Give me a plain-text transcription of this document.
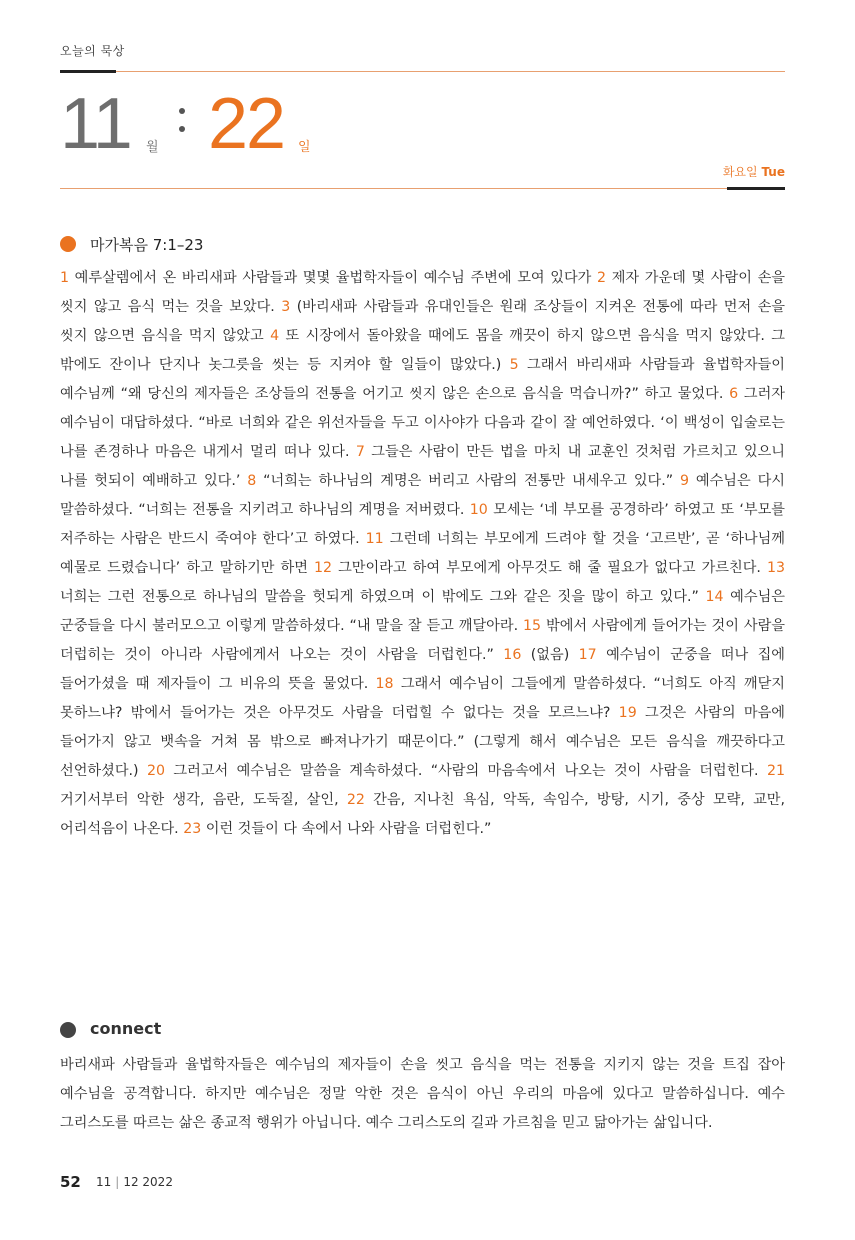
오늘의 묵상
11 월 22 일
화요일 Tue
마가복음 7:1–23

1 예루살렘에서 온 바리새파 사람들과 몇몇 율법학자들이 예수님 주변에 모여 있다가 2 제자 가운데 몇 사람이 손을 씻지 않고 음식 먹는 것을 보았다. 3 (바리새파 사람들과 유대인들은 원래 조상들이 지켜온 전통에 따라 먼저 손을 씻지 않으면 음식을 먹지 않았고 4 또 시장에서 돌아왔을 때에도 몸을 깨끗이 하지 않으면 음식을 먹지 않았다. 그 밖에도 잔이나 단지나 놋그릇을 씻는 등 지켜야 할 일들이 많았다.) 5 그래서 바리새파 사람들과 율법학자들이 예수님께 “왜 당신의 제자들은 조상들의 전통을 어기고 씻지 않은 손으로 음식을 먹습니까?” 하고 물었다. 6 그러자 예수님이 대답하셨다. “바로 너희와 같은 위선자들을 두고 이사야가 다음과 같이 잘 예언하였다. ‘이 백성이 입술로는 나를 존경하나 마음은 내게서 멀리 떠나 있다. 7 그들은 사람이 만든 법을 마치 내 교훈인 것처럼 가르치고 있으니 나를 헛되이 예배하고 있다.’ 8 “너희는 하나님의 계명은 버리고 사람의 전통만 내세우고 있다.” 9 예수님은 다시 말씀하셨다. “너희는 전통을 지키려고 하나님의 계명을 저버렸다. 10 모세는 ‘네 부모를 공경하라’ 하였고 또 ‘부모를 저주하는 사람은 반드시 죽여야 한다’고 하였다. 11 그런데 너희는 부모에게 드려야 할 것을 ‘고르반’, 곧 ‘하나님께 예물로 드렸습니다’ 하고 말하기만 하면 12 그만이라고 하여 부모에게 아무것도 해 줄 필요가 없다고 가르친다. 13 너희는 그런 전통으로 하나님의 말씀을 헛되게 하였으며 이 밖에도 그와 같은 짓을 많이 하고 있다.” 14 예수님은 군중들을 다시 불러모으고 이렇게 말씀하셨다. “내 말을 잘 듣고 깨달아라. 15 밖에서 사람에게 들어가는 것이 사람을 더럽히는 것이 아니라 사람에게서 나오는 것이 사람을 더럽힌다.” 16 (없음) 17 예수님이 군중을 떠나 집에 들어가셨을 때 제자들이 그 비유의 뜻을 물었다. 18 그래서 예수님이 그들에게 말씀하셨다. “너희도 아직 깨닫지 못하느냐? 밖에서 들어가는 것은 아무것도 사람을 더럽힐 수 없다는 것을 모르느냐? 19 그것은 사람의 마음에 들어가지 않고 뱃속을 거쳐 몸 밖으로 빠져나가기 때문이다.” (그렇게 해서 예수님은 모든 음식을 깨끗하다고 선언하셨다.) 20 그러고서 예수님은 말씀을 계속하셨다. “사람의 마음속에서 나오는 것이 사람을 더럽힌다. 21 거기서부터 악한 생각, 음란, 도둑질, 살인, 22 간음, 지나친 욕심, 악독, 속임수, 방탕, 시기, 중상 모략, 교만, 어리석음이 나온다. 23 이런 것들이 다 속에서 나와 사람을 더럽힌다.”

connect

바리새파 사람들과 율법학자들은 예수님의 제자들이 손을 씻고 음식을 먹는 전통을 지키지 않는 것을 트집 잡아 예수님을 공격합니다. 하지만 예수님은 정말 악한 것은 음식이 아닌 우리의 마음에 있다고 말씀하십니다. 예수 그리스도를 따르는 삶은 종교적 행위가 아닙니다. 예수 그리스도의 길과 가르침을 믿고 닮아가는 삶입니다.

52 11 | 12 2022
